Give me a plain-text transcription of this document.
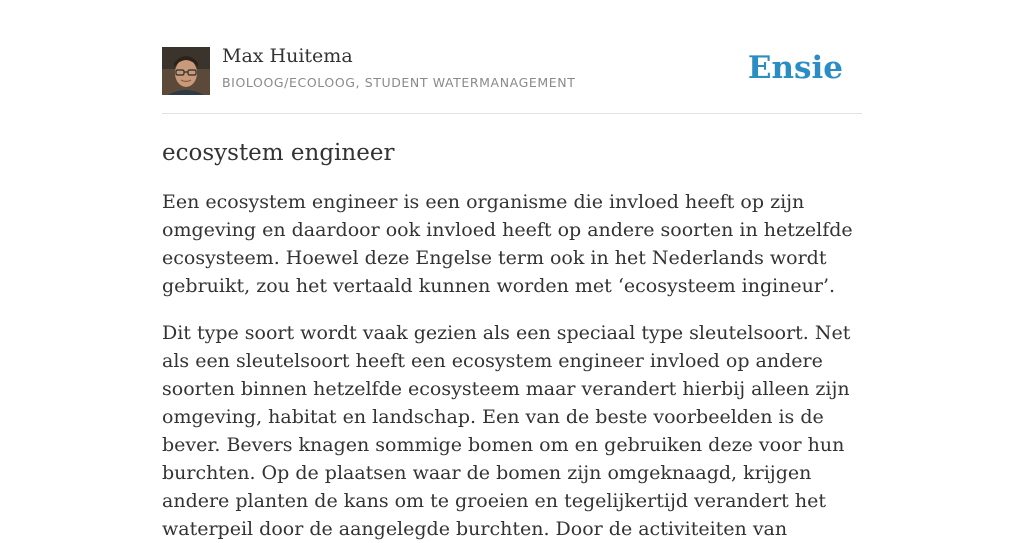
Max Huitema
BIOLOOG/ECOLOOG, STUDENT WATERMANAGEMENT	Ensie
ecosystem engineer

Een ecosystem engineer is een organisme die invloed heeft op zijn omgeving en daardoor ook invloed heeft op andere soorten in hetzelfde ecosysteem. Hoewel deze Engelse term ook in het Nederlands wordt gebruikt, zou het vertaald kunnen worden met ‘ecosysteem ingineur’.

Dit type soort wordt vaak gezien als een speciaal type sleutelsoort. Net als een sleutelsoort heeft een ecosystem engineer invloed op andere soorten binnen hetzelfde ecosysteem maar verandert hierbij alleen zijn omgeving, habitat en landschap. Een van de beste voorbeelden is de bever. Bevers knagen sommige bomen om en gebruiken deze voor hun burchten. Op de plaatsen waar de bomen zijn omgeknaagd, krijgen andere planten de kans om te groeien en tegelijkertijd verandert het waterpeil door de aangelegde burchten. Door de activiteiten van
